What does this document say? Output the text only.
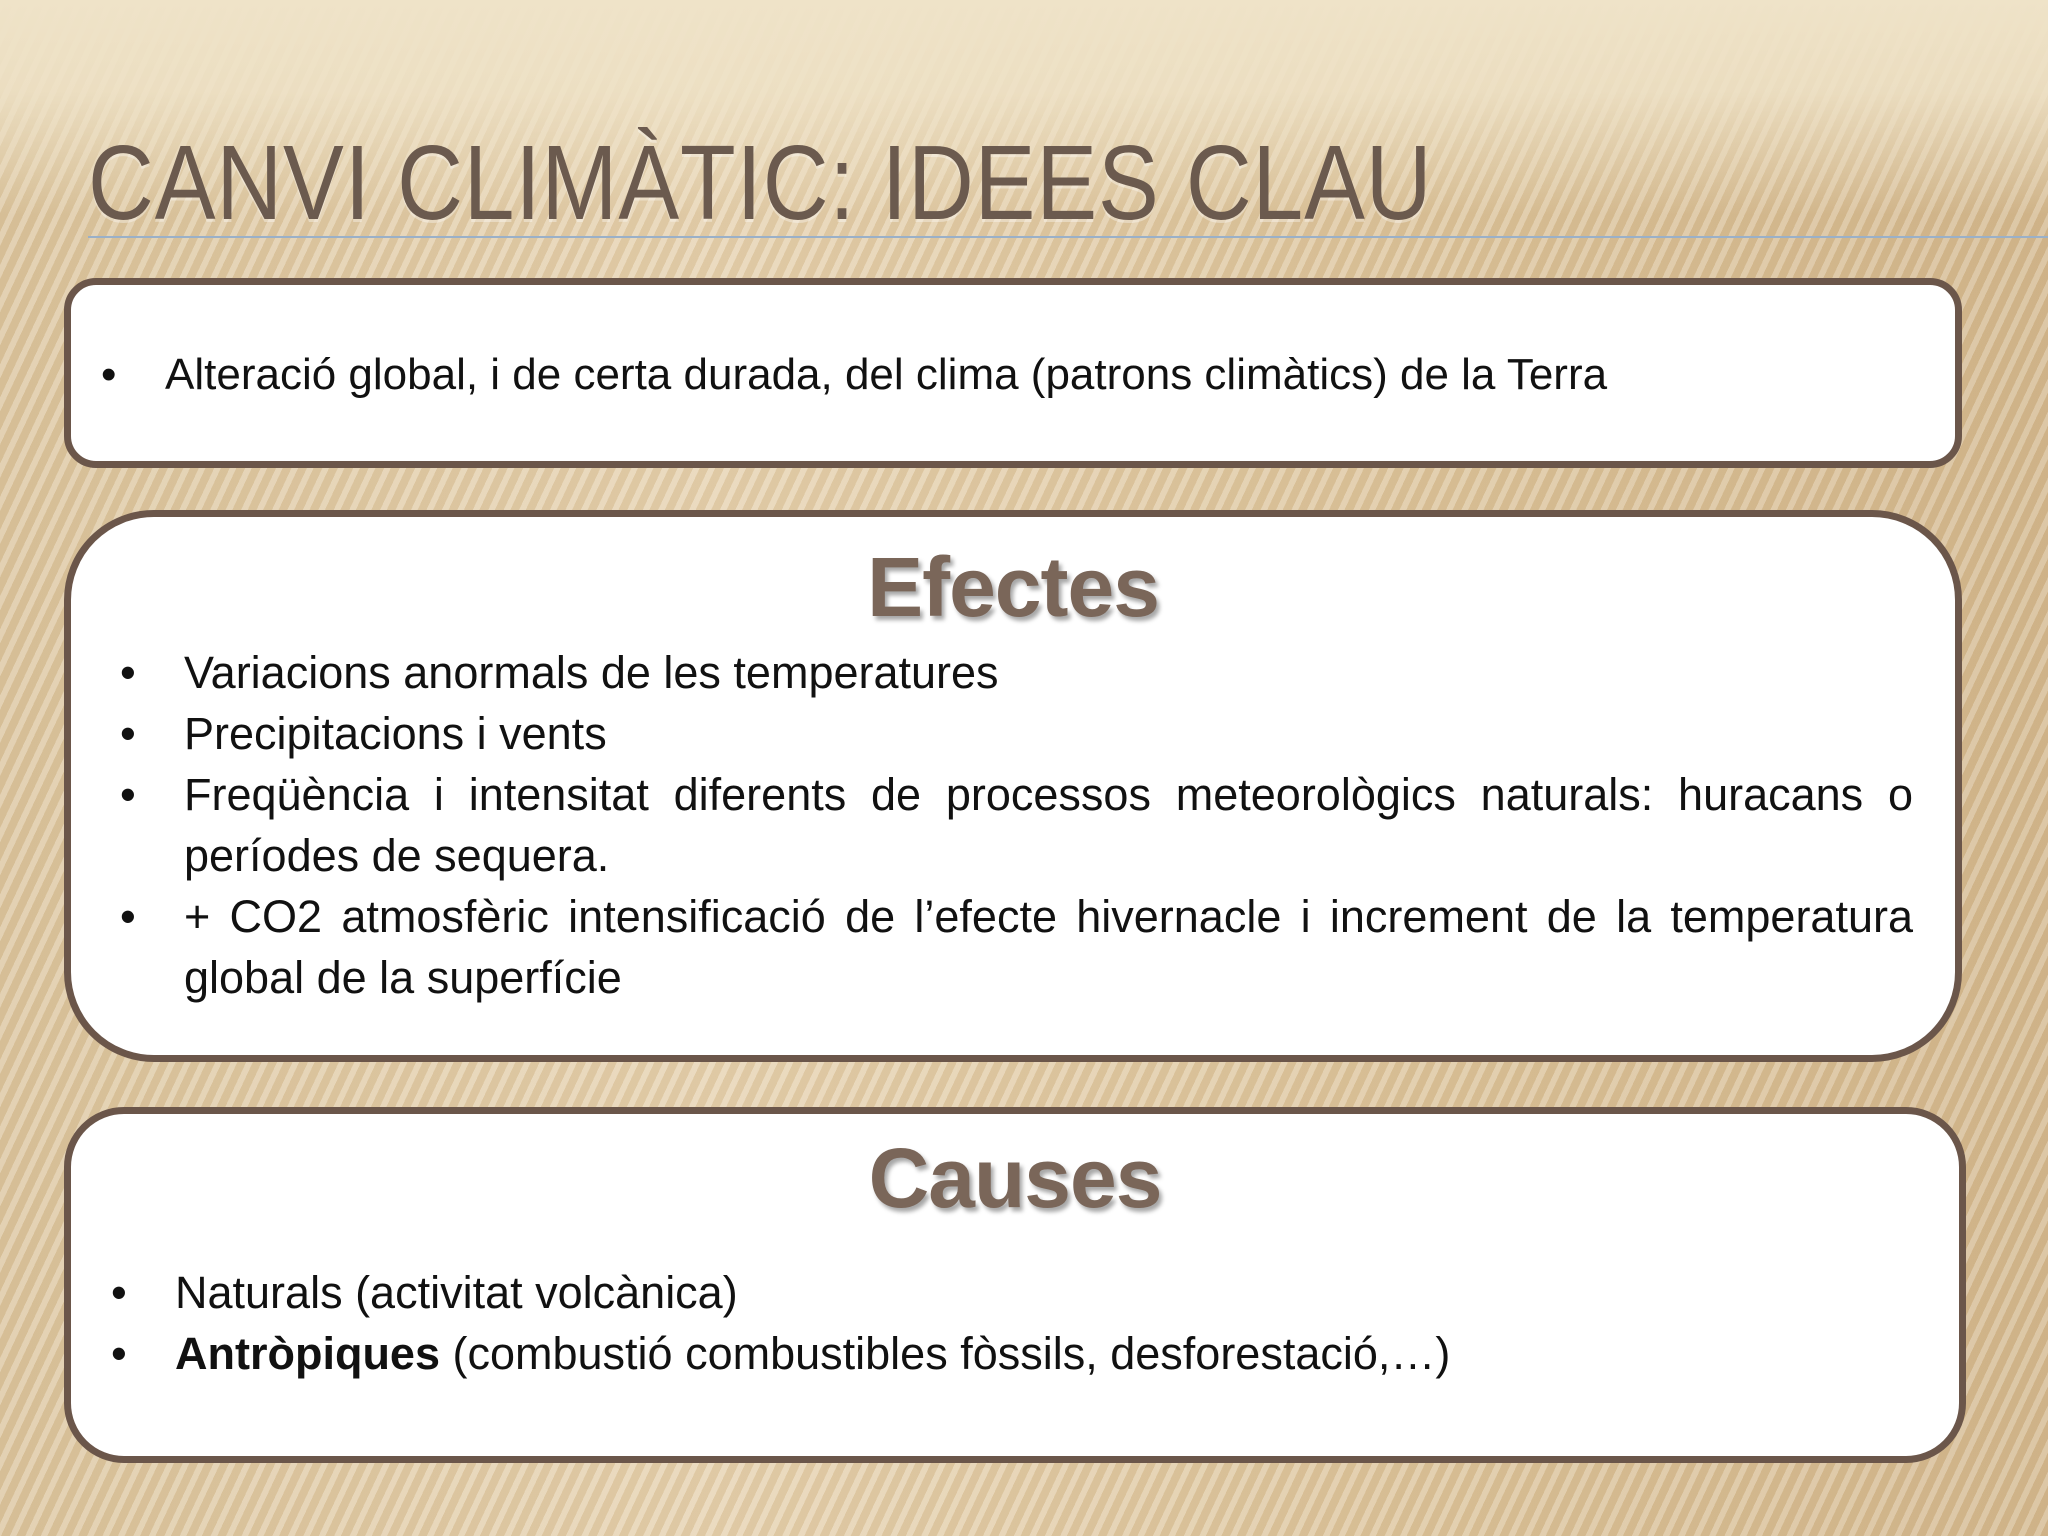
CANVI CLIMÀTIC: IDEES CLAU
• Alteració global, i de certa durada, del clima (patrons climàtics) de la Terra
Efectes
• Variacions anormals de les temperatures
• Precipitacions i vents
• Freqüència i intensitat diferents de processos meteorològics naturals: huracans o períodes de sequera.
• + CO2 atmosfèric intensificació de l’efecte hivernacle i increment de la temperatura global de la superfície
Causes
• Naturals (activitat volcànica)
• Antròpiques (combustió combustibles fòssils, desforestació,…)
